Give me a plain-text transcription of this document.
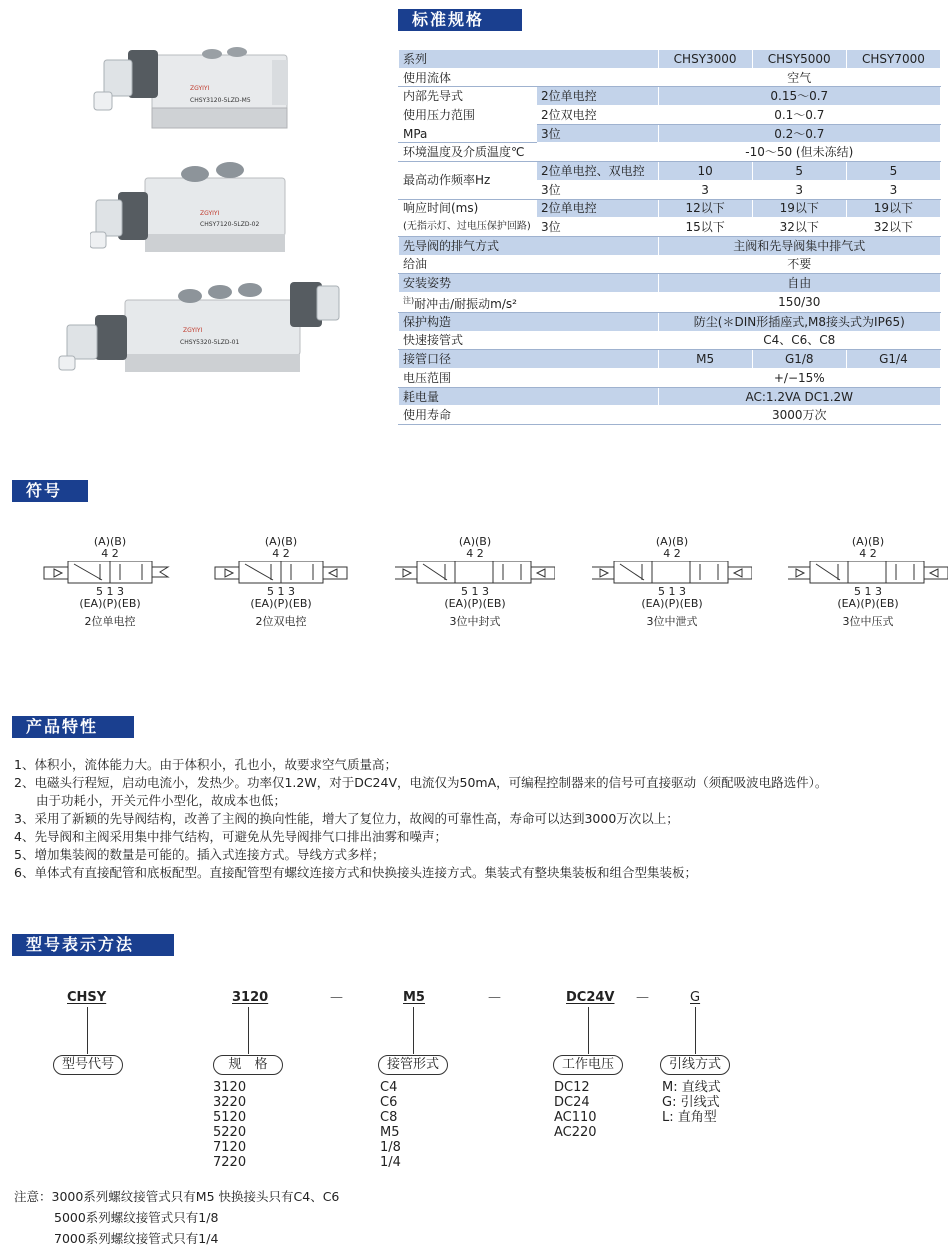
ZGYIYI
CHSY3120-5LZD-M5
ZGYIYI
CHSY7120-5LZD-02
ZGYIYI
CHSY5320-5LZD-01
标准规格
系列		CHSY3000	CHSY5000	CHSY7000
使用流体		空气		
内部先导式	2位单电控	0.15～0.7		
使用压力范围	2位双电控	0.1～0.7		
MPa	3位	0.2～0.7		
环境温度及介质温度℃		-10～50 (但未冻结)		
最高动作频率Hz	2位单电控、双电控	10	5	5
	3位	3	3	3
响应时间(ms)	2位单电控	12以下	19以下	19以下
(无指示灯、过电压保护回路)	3位	15以下	32以下	32以下
先导阀的排气方式		主阀和先导阀集中排气式		
给油		不要		
安装姿势		自由		
$^{注)}$耐冲击/耐振动m/s²		150/30		
保护构造		防尘(＊DIN形插座式,M8接头式为IP65)		
快速接管式		C4、C6、C8		
接管口径		M5	G1/8	G1/4
电压范围		+/−15%		
耗电量		AC:1.2VA DC1.2W		
使用寿命		3000万次		
符号
(A)(B)
4 2
5 1 3
(EA)(P)(EB)
2位单电控
(A)(B)
4 2
5 1 3
(EA)(P)(EB)
2位双电控
(A)(B)
4 2
5 1 3
(EA)(P)(EB)
3位中封式
(A)(B)
4 2
5 1 3
(EA)(P)(EB)
3位中泄式
(A)(B)
4 2
5 1 3
(EA)(P)(EB)
3位中压式
产品特性
1、体积小，流体能力大。由于体积小，孔也小，故要求空气质量高；
2、电磁头行程短，启动电流小，发热少。功率仅1.2W，对于DC24V，电流仅为50mA，可编程控制器来的信号可直接驱动（须配吸波电路选件）。
由于功耗小，开关元件小型化，故成本也低；
3、采用了新颖的先导阀结构，改善了主阀的换向性能，增大了复位力，故阀的可靠性高，寿命可以达到3000万次以上；
4、先导阀和主阀采用集中排气结构，可避免从先导阀排气口排出油雾和噪声；
5、增加集装阀的数量是可能的。插入式连接方式。导线方式多样；
6、单体式有直接配管和底板配型。直接配管型有螺纹连接方式和快换接头连接方式。集装式有整块集装板和组合型集装板；
型号表示方法
CHSY	3120	—	M5	—	DC24V —	G
型号代号	规　格	接管形式	工作电压	引线方式
3120
3220
5120
5220
7120
7220
C4
C6
C8
M5
1/8
1/4
DC12
DC24
AC110
AC220
M: 直线式
G: 引线式
L: 直角型
注意：3000系列螺纹接管式只有M5 快换接头只有C4、C6
5000系列螺纹接管式只有1/8
7000系列螺纹接管式只有1/4
